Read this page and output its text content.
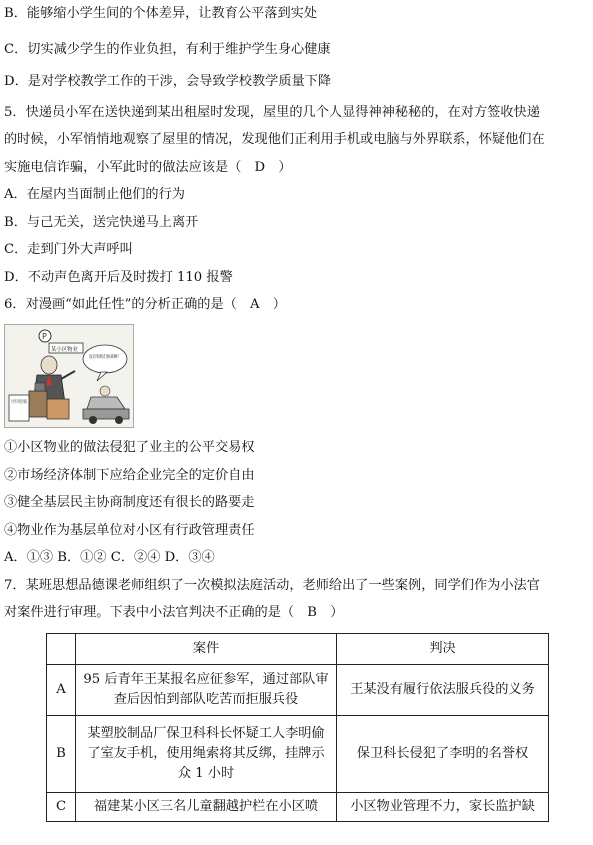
B．能够缩小学生间的个体差异，让教育公平落到实处
C．切实减少学生的作业负担，有利于维护学生身心健康
D．是对学校教学工作的干涉，会导致学校教学质量下降
5．快递员小军在送快递到某出租屋时发现，屋里的几个人显得神神秘秘的，在对方签收快递
的时候，小军悄悄地观察了屋里的情况，发现他们正利用手机或电脑与外界联系，怀疑他们在
实施电信诈骗，小军此时的做法应该是（　D　）
A．在屋内当面制止他们的行为
B．与己无关，送完快递马上离开
C．走到门外大声呼叫
D．不动声色离开后及时拨打 110 报警
6．对漫画“如此任性”的分析正确的是（　A　）
P
某小区物业
没有和我们协商啊！
①小区物业的做法侵犯了业主的公平交易权
②市场经济体制下应给企业完全的定价自由
③健全基层民主协商制度还有很长的路要走
④物业作为基层单位对小区有行政管理责任
A．①③ B．①② C．②④ D．③④
7．某班思想品德课老师组织了一次模拟法庭活动，老师给出了一些案例，同学们作为小法官
对案件进行审理。下表中小法官判决不正确的是（　B　）
	案件	判决
A	95 后青年王某报名应征参军，通过部队审查后因怕到部队吃苦而拒服兵役	王某没有履行依法服兵役的义务
B	某塑胶制品厂保卫科科长怀疑工人李明偷了室友手机，使用绳索将其反绑，挂牌示众 1 小时	保卫科长侵犯了李明的名誉权
C	福建某小区三名儿童翻越护栏在小区喷	小区物业管理不力，家长监护缺
